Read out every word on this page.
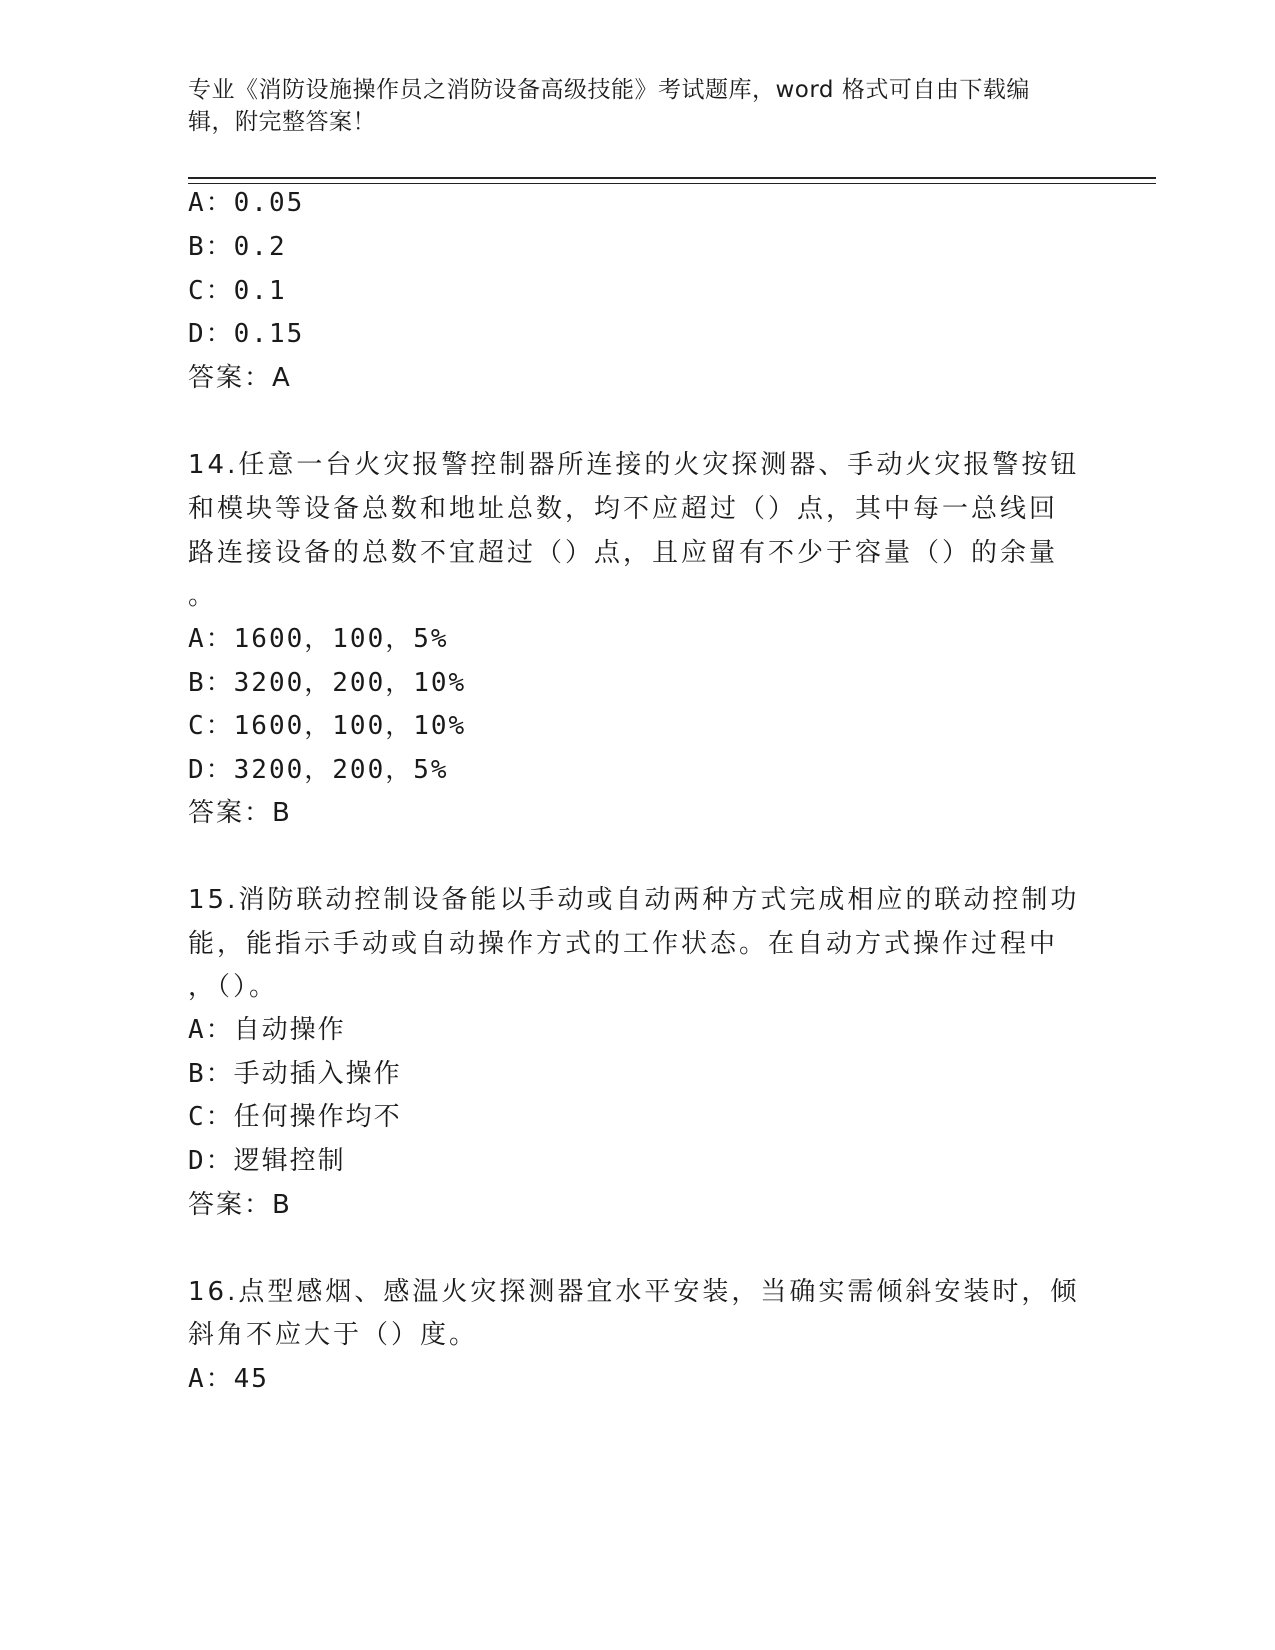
专业《消防设施操作员之消防设备高级技能》考试题库，word 格式可自由下载编
辑，附完整答案！
A：0.05
B：0.2
C：0.1
D：0.15
答案：A
14.任意一台火灾报警控制器所连接的火灾探测器、手动火灾报警按钮
和模块等设备总数和地址总数，均不应超过（）点，其中每一总线回
路连接设备的总数不宜超过（）点，且应留有不少于容量（）的余量
。
A：1600，100，5%
B：3200，200，10%
C：1600，100，10%
D：3200，200，5%
答案：B
15.消防联动控制设备能以手动或自动两种方式完成相应的联动控制功
能，能指示手动或自动操作方式的工作状态。在自动方式操作过程中
，（）。
A：自动操作
B：手动插入操作
C：任何操作均不
D：逻辑控制
答案：B
16.点型感烟、感温火灾探测器宜水平安装，当确实需倾斜安装时，倾
斜角不应大于（）度。
A：45
